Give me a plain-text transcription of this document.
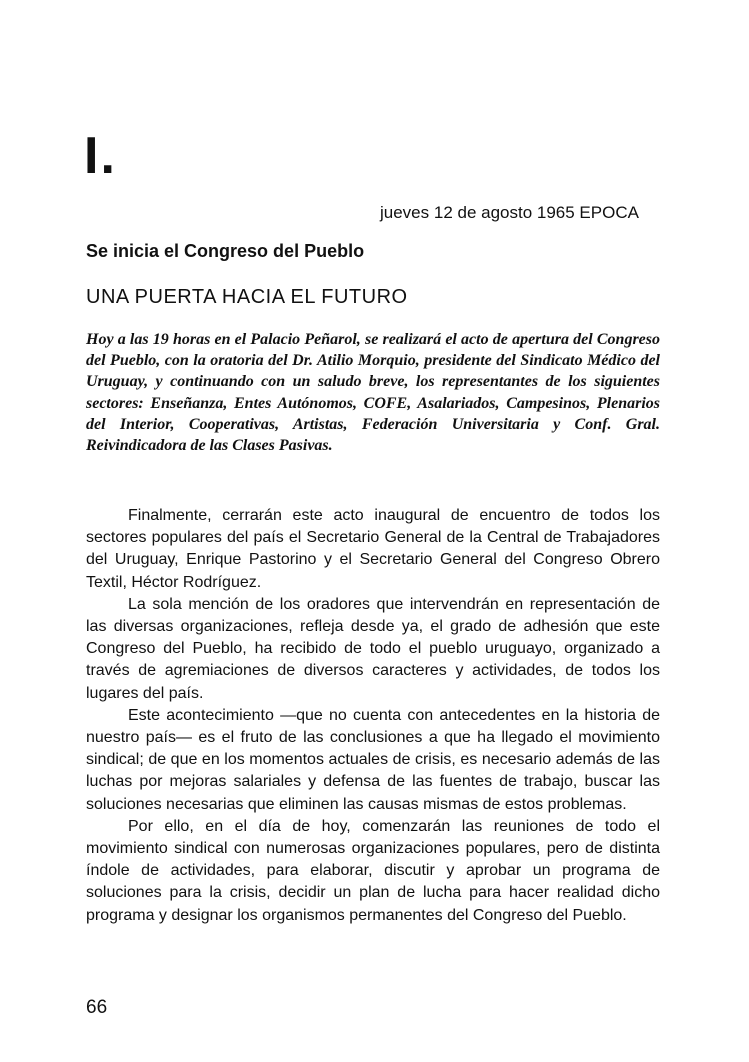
I.
jueves 12 de agosto 1965 EPOCA
Se inicia el Congreso del Pueblo
UNA PUERTA HACIA EL FUTURO
Hoy a las 19 horas en el Palacio Peñarol, se realizará el acto de apertura del Congreso del Pueblo, con la oratoria del Dr. Atilio Morquio, presidente del Sindicato Médico del Uruguay, y continuando con un saludo breve, los representantes de los siguientes sectores: Enseñanza, Entes Autónomos, COFE, Asalariados, Campesinos, Plenarios del Interior, Cooperativas, Artistas, Federación Universitaria y Conf. Gral. Reivindicadora de las Clases Pasivas.

Finalmente, cerrarán este acto inaugural de encuentro de todos los sectores populares del país el Secretario General de la Central de Trabajadores del Uruguay, Enrique Pastorino y el Secretario General del Congreso Obrero Textil, Héctor Rodríguez.

La sola mención de los oradores que intervendrán en representación de las diversas organizaciones, refleja desde ya, el grado de adhesión que este Congreso del Pueblo, ha recibido de todo el pueblo uruguayo, organizado a través de agremiaciones de diversos caracteres y actividades, de todos los lugares del país.

Este acontecimiento —que no cuenta con antecedentes en la historia de nuestro país— es el fruto de las conclusiones a que ha llegado el movimiento sindical; de que en los momentos actuales de crisis, es necesario además de las luchas por mejoras salariales y defensa de las fuentes de trabajo, buscar las soluciones necesarias que eliminen las causas mismas de estos problemas.

Por ello, en el día de hoy, comenzarán las reuniones de todo el movimiento sindical con numerosas organizaciones populares, pero de distinta índole de actividades, para elaborar, discutir y aprobar un programa de soluciones para la crisis, decidir un plan de lucha para hacer realidad dicho programa y designar los organismos permanentes del Congreso del Pueblo.

66
